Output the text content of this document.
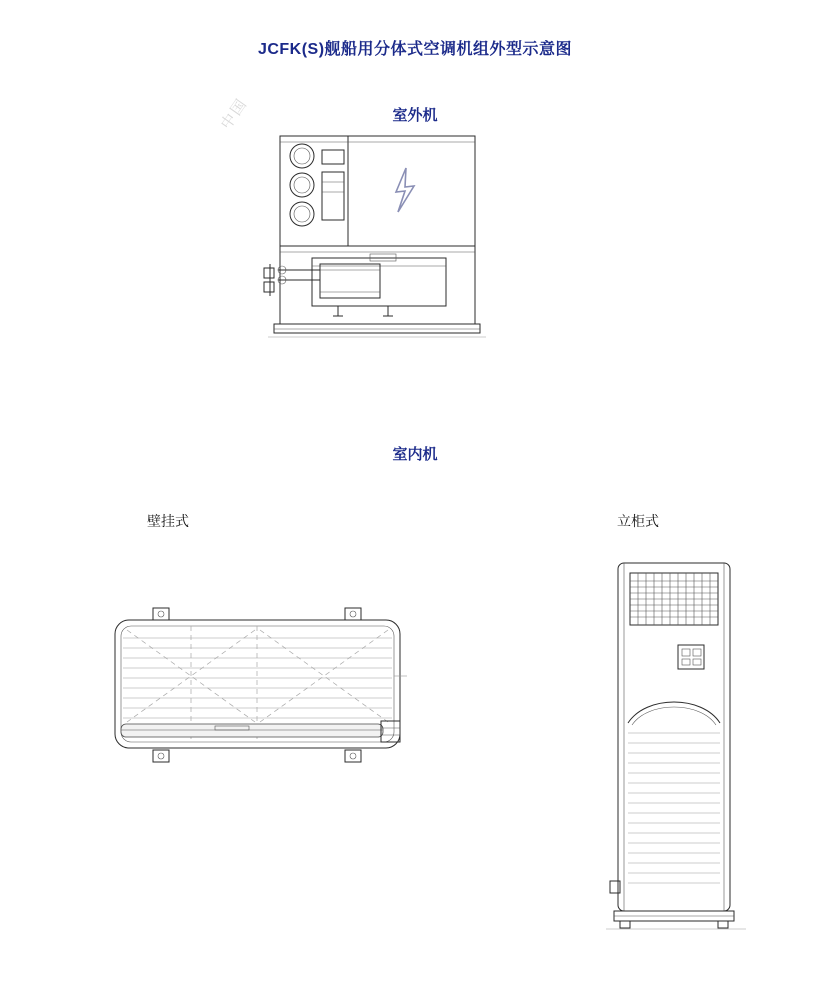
JCFK(S)舰船用分体式空调机组外型示意图
中国	室外机
室内机
壁挂式	立柜式
